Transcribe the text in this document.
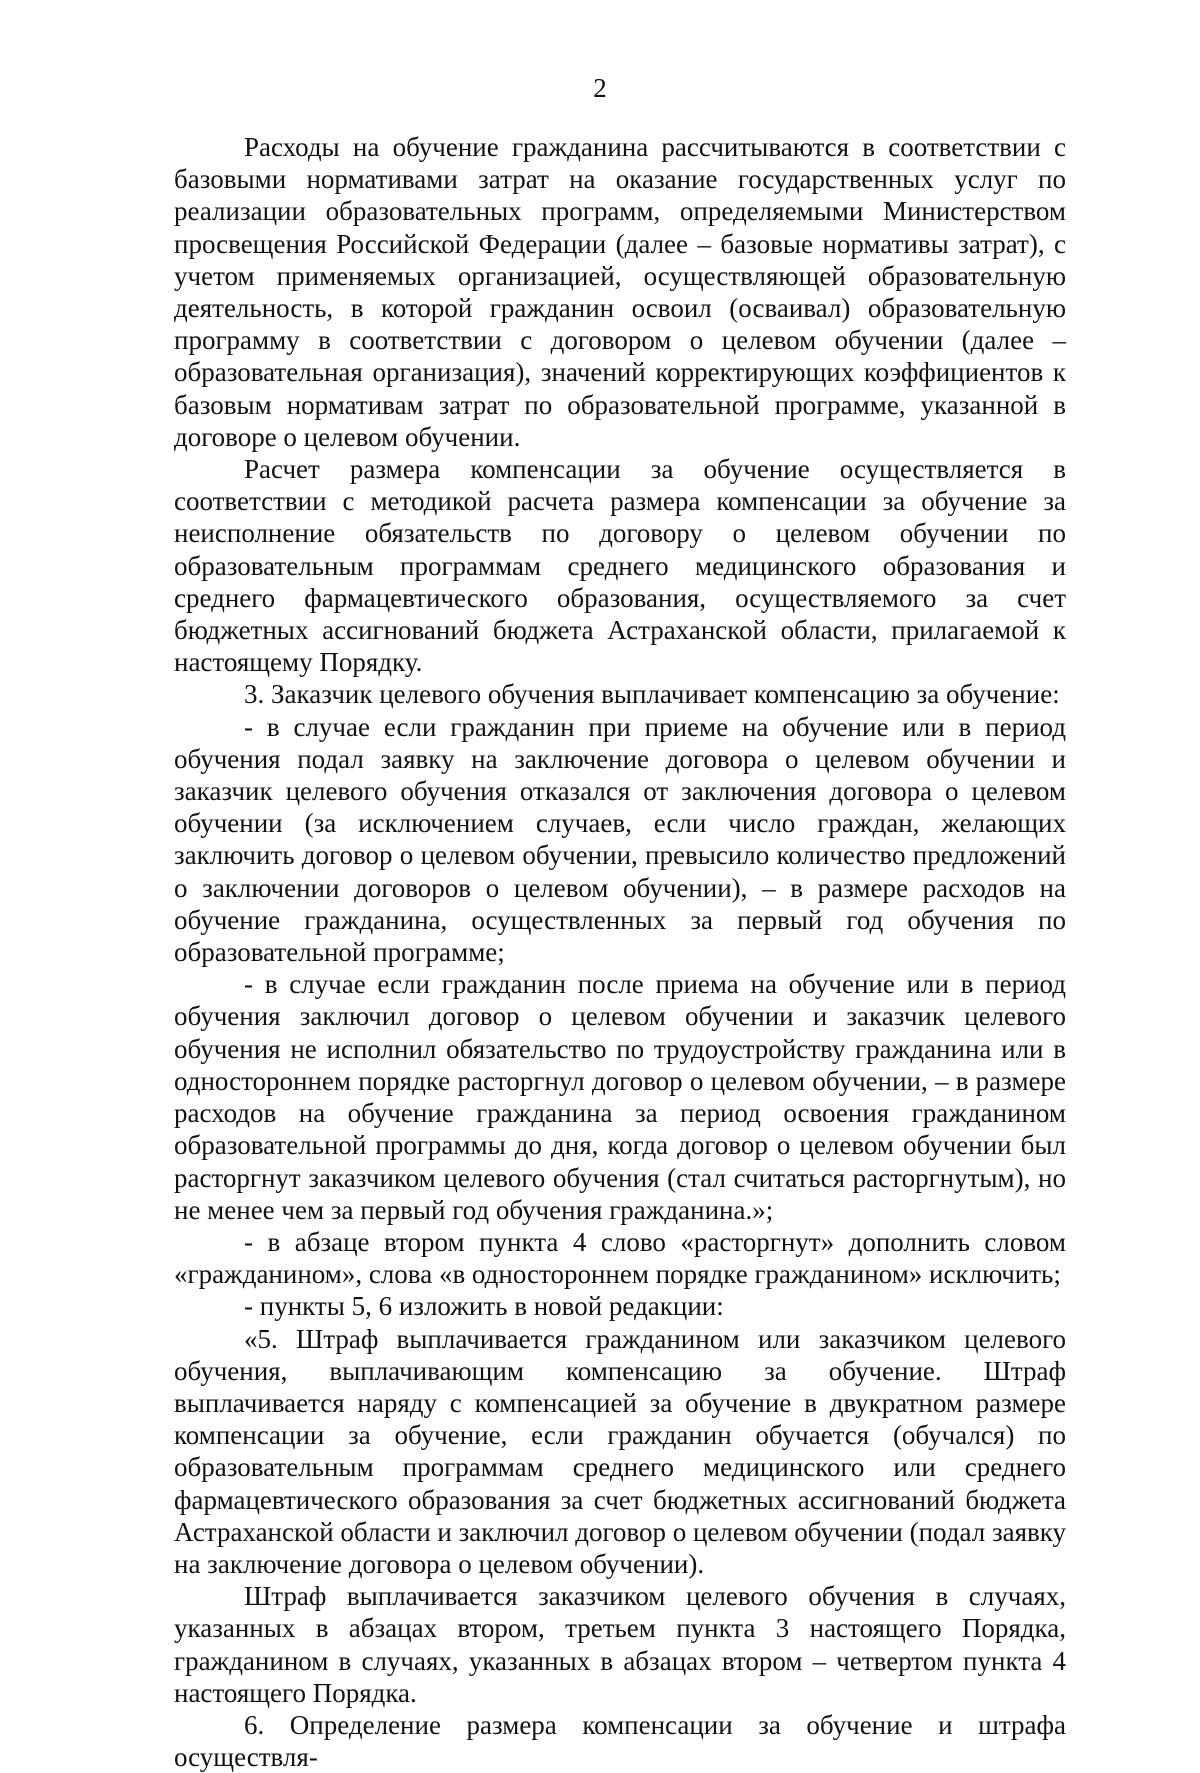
2

Расходы на обучение гражданина рассчитываются в соответствии с базовыми нормативами затрат на оказание государственных услуг по реализации образовательных программ, определяемыми Министерством просвещения Российской Федерации (далее – базовые нормативы затрат), с учетом применяемых организацией, осуществляющей образовательную деятельность, в которой гражданин освоил (осваивал) образовательную программу в соответствии с договором о целевом обучении (далее – образовательная организация), значений корректирующих коэффициентов к базовым нормативам затрат по образовательной программе, указанной в договоре о целевом обучении.

Расчет размера компенсации за обучение осуществляется в соответствии с методикой расчета размера компенсации за обучение за неисполнение обязательств по договору о целевом обучении по образовательным программам среднего медицинского образования и среднего фармацевтического образования, осуществляемого за счет бюджетных ассигнований бюджета Астраханской области, прилагаемой к настоящему Порядку.

3. Заказчик целевого обучения выплачивает компенсацию за обучение:

- в случае если гражданин при приеме на обучение или в период обучения подал заявку на заключение договора о целевом обучении и заказчик целевого обучения отказался от заключения договора о целевом обучении (за исключением случаев, если число граждан, желающих заключить договор о целевом обучении, превысило количество предложений о заключении договоров о целевом обучении), – в размере расходов на обучение гражданина, осуществленных за первый год обучения по образовательной программе;

- в случае если гражданин после приема на обучение или в период обучения заключил договор о целевом обучении и заказчик целевого обучения не исполнил обязательство по трудоустройству гражданина или в одностороннем порядке расторгнул договор о целевом обучении, – в размере расходов на обучение гражданина за период освоения гражданином образовательной программы до дня, когда договор о целевом обучении был расторгнут заказчиком целевого обучения (стал считаться расторгнутым), но не менее чем за первый год обучения гражданина.»;

- в абзаце втором пункта 4 слово «расторгнут» дополнить словом «гражданином», слова «в одностороннем порядке гражданином» исключить;

- пункты 5, 6 изложить в новой редакции:

«5. Штраф выплачивается гражданином или заказчиком целевого обучения, выплачивающим компенсацию за обучение. Штраф выплачивается наряду с компенсацией за обучение в двукратном размере компенсации за обучение, если гражданин обучается (обучался) по образовательным программам среднего медицинского или среднего фармацевтического образования за счет бюджетных ассигнований бюджета Астраханской области и заключил договор о целевом обучении (подал заявку на заключение договора о целевом обучении).

Штраф выплачивается заказчиком целевого обучения в случаях, указанных в абзацах втором, третьем пункта 3 настоящего Порядка, гражданином в случаях, указанных в абзацах втором – четвертом пункта 4 настоящего Порядка.

6. Определение размера компенсации за обучение и штрафа осуществля-
